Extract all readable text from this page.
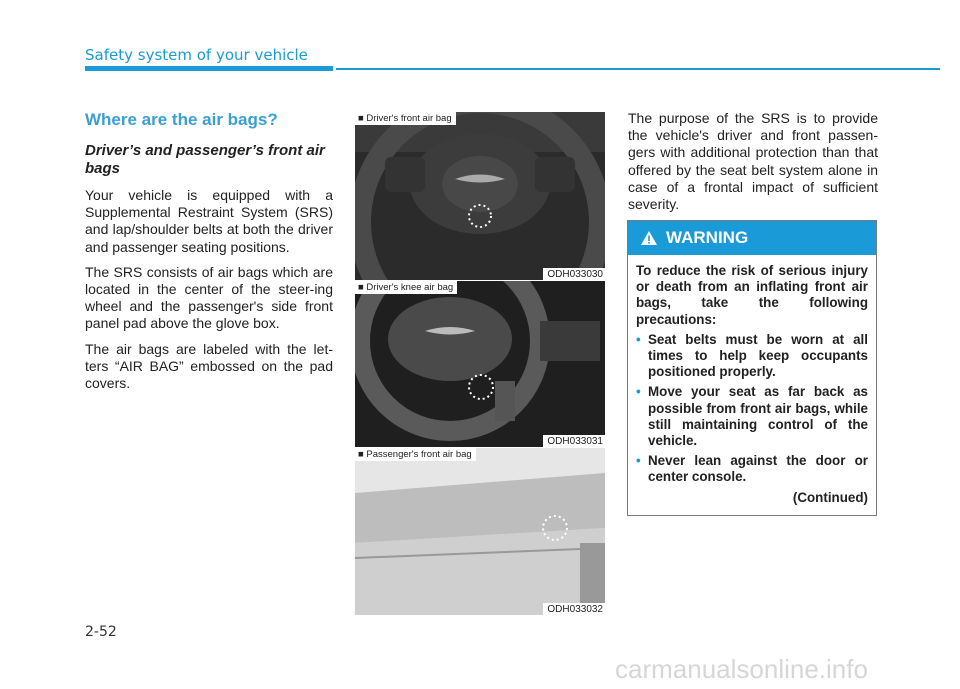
Safety system of your vehicle
Where are the air bags?
Driver’s and passenger’s front air bags

Your vehicle is equipped with a Supplemental Restraint System (SRS) and lap/shoulder belts at both the driver and passenger seating positions.

The SRS consists of air bags which are located in the center of the steer-ing wheel and the passenger's side front panel pad above the glove box.

The air bags are labeled with the let-ters “AIR BAG” embossed on the pad covers.

■ Driver's front air bag
ODH033030
■ Driver's knee air bag
ODH033031
■ Passenger's front air bag
ODH033032

The purpose of the SRS is to provide the vehicle's driver and front passen-gers with additional protection than that offered by the seat belt system alone in case of a frontal impact of sufficient severity.

WARNING

To reduce the risk of serious injury or death from an inflating front air bags, take the following precautions:

• Seat belts must be worn at all times to help keep occupants positioned properly.
• Move your seat as far back as possible from front air bags, while still maintaining control of the vehicle.
• Never lean against the door or center console.
(Continued)
2-52
carmanualsonline.info
